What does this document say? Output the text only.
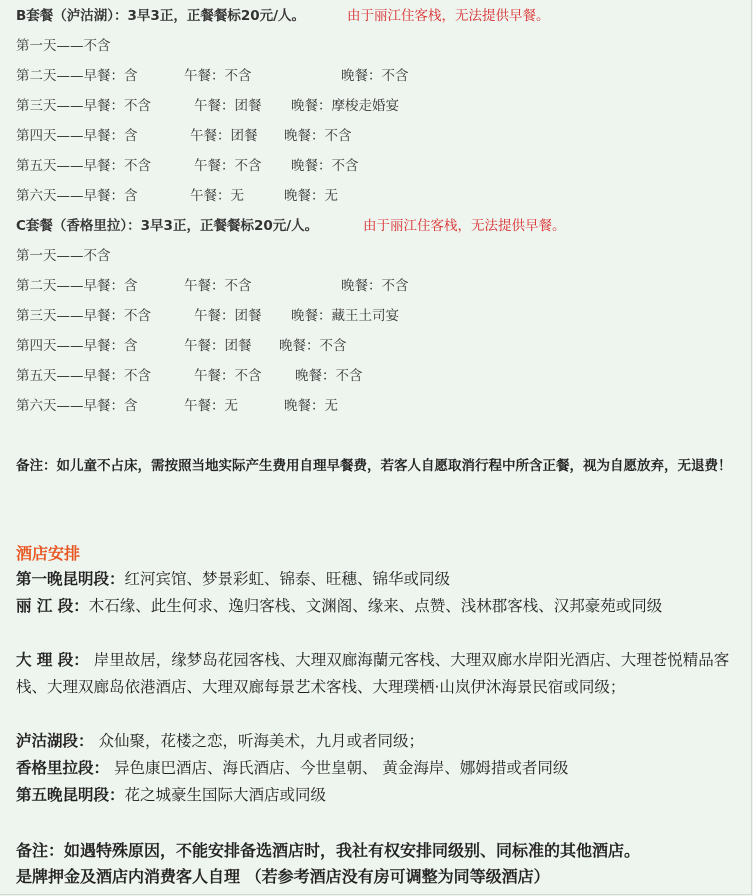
B套餐（泸沽湖）：3早3正，正餐餐标20元/人。	由于丽江住客栈，无法提供早餐。
第一天——不含
第二天——早餐：含	午餐：不含	晚餐：不含
第三天——早餐：不含	午餐：团餐 晚餐：摩梭走婚宴
第四天——早餐：含	午餐：团餐 晚餐：不含
第五天——早餐：不含	午餐：不含 晚餐：不含
第六天——早餐：含	午餐：无	晚餐：无
C套餐（香格里拉）：3早3正，正餐餐标20元/人。	由于丽江住客栈，无法提供早餐。
第一天——不含
第二天——早餐：含	午餐：不含	晚餐：不含
第三天——早餐：不含	午餐：团餐 晚餐：藏王土司宴
第四天——早餐：含	午餐：团餐 晚餐：不含
第五天——早餐：不含	午餐：不含 晚餐：不含
第六天——早餐：含	午餐：无	晚餐：无
备注：如儿童不占床，需按照当地实际产生费用自理早餐费，若客人自愿取消行程中所含正餐，视为自愿放弃，无退费！
酒店安排
第一晚昆明段：红河宾馆、梦景彩虹、锦泰、旺穗、锦华或同级
丽 江 段：木石缘、此生何求、逸归客栈、文渊阁、缘来、点赞、浅林郡客栈、汉邦豪苑或同级
大 理 段： 岸里故居，缘梦岛花园客栈、大理双廊海蘭元客栈、大理双廊水岸阳光酒店、大理苍悦精品客栈、大理双廊岛依港酒店、大理双廊每景艺术客栈、大理璞栖·山岚伊沐海景民宿或同级；
泸沽湖段： 众仙聚，花楼之恋，听海美术，九月或者同级；
香格里拉段： 异色康巴酒店、海氏酒店、今世皇朝、 黄金海岸、娜姆措或者同级
第五晚昆明段：花之城豪生国际大酒店或同级
备注：如遇特殊原因，不能安排备选酒店时，我社有权安排同级别、同标准的其他酒店。
是牌押金及酒店内消费客人自理 （若参考酒店没有房可调整为同等级酒店）
